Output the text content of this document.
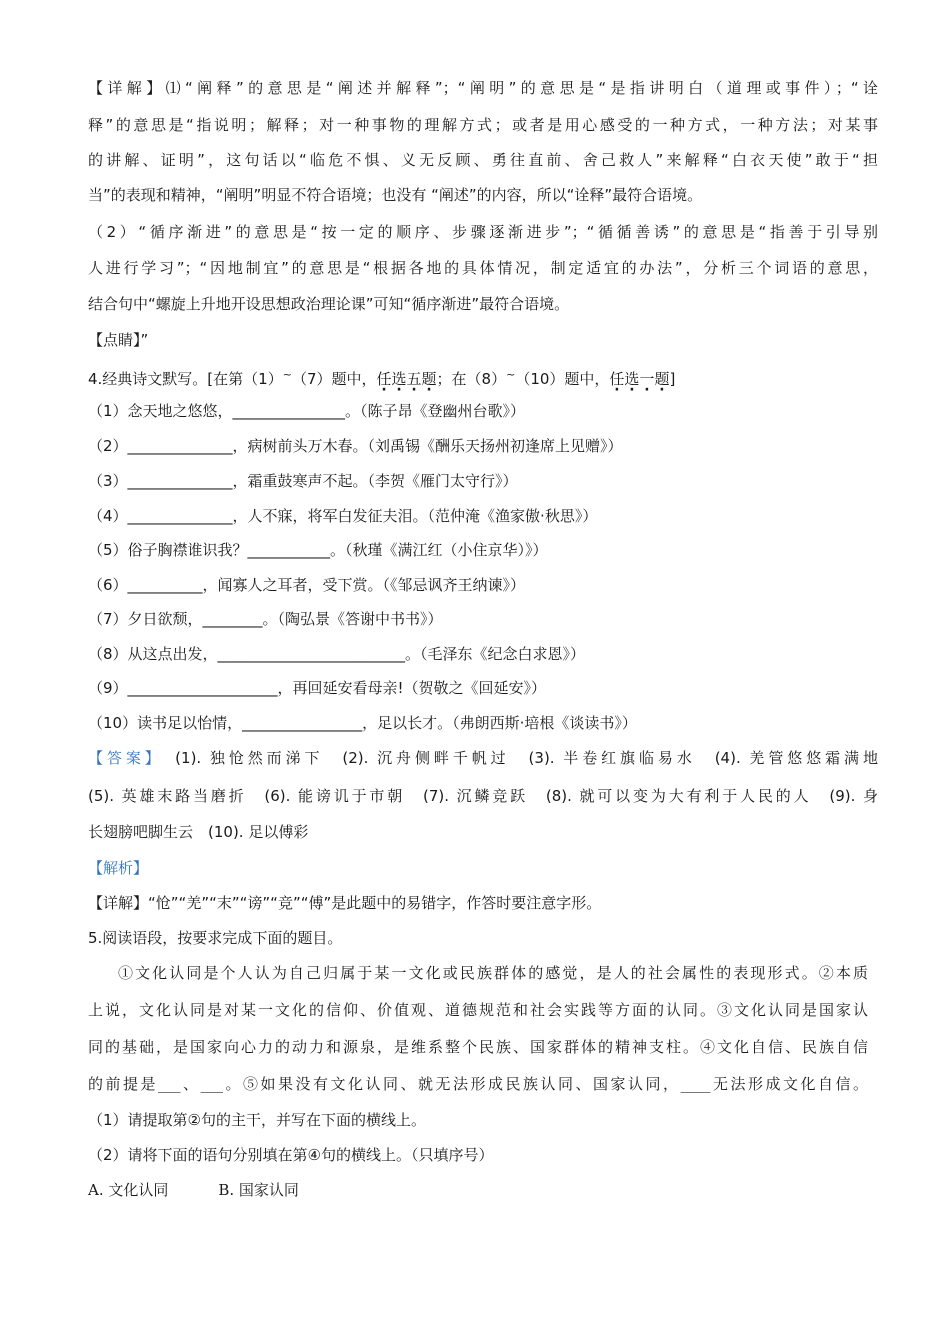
【详解】⑴“阐释”的意思是“阐述并解释”；“阐明”的意思是“是指讲明白（道理或事件）；“诠
释”的意思是“指说明；解释；对一种事物的理解方式；或者是用心感受的一种方式，一种方法；对某事
的讲解、证明”，这句话以“临危不惧、义无反顾、勇往直前、舍己救人”来解释“白衣天使”敢于“担
当”的表现和精神，“阐明”明显不符合语境；也没有 “阐述”的内容，所以“诠释”最符合语境。
（2）“循序渐进”的意思是“按一定的顺序、步骤逐渐进步”；“循循善诱”的意思是“指善于引导别
人进行学习”；“因地制宜”的意思是“根据各地的具体情况，制定适宜的办法”，分析三个词语的意思，
结合句中“螺旋上升地开设思想政治理论课”可知“循序渐进”最符合语境。
【点睛】”
4.经典诗文默写。[在第（1）~（7）题中，任选五题；在（8）~（10）题中，任选一题]
（1）念天地之悠悠，_______________。（陈子昂《登幽州台歌》）
（2）______________，病树前头万木春。（刘禹锡《酬乐天扬州初逢席上见赠》）
（3）______________，霜重鼓寒声不起。（李贺《雁门太守行》）
（4）______________，人不寐，将军白发征夫泪。（范仲淹《渔家傲·秋思》）
（5）俗子胸襟谁识我？___________。（秋瑾《满江红（小住京华）》）
（6）__________，闻寡人之耳者，受下赏。（《邹忌讽齐王纳谏》）
（7）夕日欲颓，________。（陶弘景《答谢中书书》）
（8）从这点出发，_________________________。（毛泽东《纪念白求恩》）
（9）____________________，再回延安看母亲!（贺敬之《回延安》）
（10）读书足以怡情，________________，足以长才。（弗朗西斯·培根《谈读书》）
【答案】　 (1). 独怆然而涕下　(2). 沉舟侧畔千帆过　(3). 半卷红旗临易水　(4). 羌管悠悠霜满地
(5). 英雄末路当磨折　(6). 能谤讥于市朝　(7). 沉鳞竞跃　(8). 就可以变为大有利于人民的人　(9). 身
长翅膀吧脚生云　(10). 足以傅彩
【解析】
【详解】“怆”“羌”“末”“谤”“竞”“傅”是此题中的易错字，作答时要注意字形。
5.阅读语段，按要求完成下面的题目。
①文化认同是个人认为自己归属于某一文化或民族群体的感觉，是人的社会属性的表现形式。②本质
上说，文化认同是对某一文化的信仰、价值观、道德规范和社会实践等方面的认同。③文化认同是国家认
同的基础，是国家向心力的动力和源泉，是维系整个民族、国家群体的精神支柱。④文化自信、民族自信
的前提是___、___。⑤如果没有文化认同、就无法形成民族认同、国家认同，____无法形成文化自信。
（1）请提取第②句的主干，并写在下面的横线上。
（2）请将下面的语句分别填在第④句的横线上。（只填序号）
A. 文化认同	B. 国家认同
